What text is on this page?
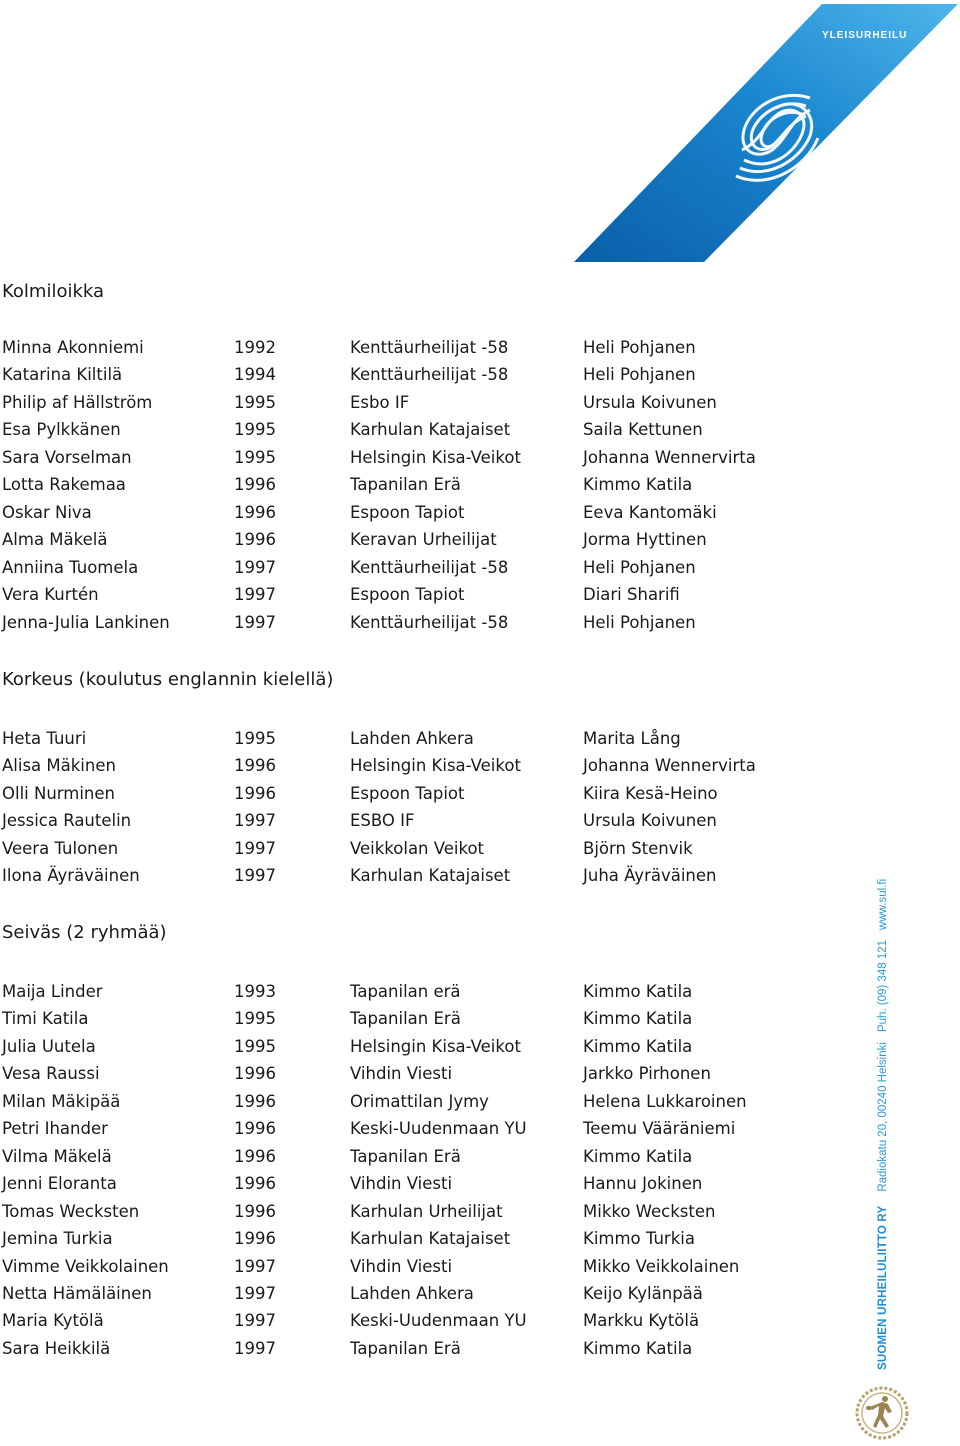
YLEISURHEILU
Kolmiloikka
Minna Akonniemi	1992	Kenttäurheilijat -58	Heli Pohjanen
Katarina Kiltilä	1994	Kenttäurheilijat -58	Heli Pohjanen
Philip af Hällström	1995	Esbo IF	Ursula Koivunen
Esa Pylkkänen	1995	Karhulan Katajaiset	Saila Kettunen
Sara Vorselman	1995	Helsingin Kisa-Veikot	Johanna Wennervirta
Lotta Rakemaa	1996	Tapanilan Erä	Kimmo Katila
Oskar Niva	1996	Espoon Tapiot	Eeva Kantomäki
Alma Mäkelä	1996	Keravan Urheilijat	Jorma Hyttinen
Anniina Tuomela	1997	Kenttäurheilijat -58	Heli Pohjanen
Vera Kurtén	1997	Espoon Tapiot	Diari Sharifi
Jenna-Julia Lankinen	1997	Kenttäurheilijat -58	Heli Pohjanen
Korkeus (koulutus englannin kielellä)
Heta Tuuri	1995	Lahden Ahkera	Marita Lång
Alisa Mäkinen	1996	Helsingin Kisa-Veikot	Johanna Wennervirta
Olli Nurminen	1996	Espoon Tapiot	Kiira Kesä-Heino
Jessica Rautelin	1997	ESBO IF	Ursula Koivunen
Veera Tulonen	1997	Veikkolan Veikot	Björn Stenvik
Ilona Äyräväinen	1997	Karhulan Katajaiset	Juha Äyräväinen
Seiväs (2 ryhmää)
Maija Linder	1993	Tapanilan erä	Kimmo Katila
Timi Katila	1995	Tapanilan Erä	Kimmo Katila
Julia Uutela	1995	Helsingin Kisa-Veikot	Kimmo Katila
Vesa Raussi	1996	Vihdin Viesti	Jarkko Pirhonen
Milan Mäkipää	1996	Orimattilan Jymy	Helena Lukkaroinen
Petri Ihander	1996	Keski-Uudenmaan YU	Teemu Vääräniemi
Vilma Mäkelä	1996	Tapanilan Erä	Kimmo Katila
Jenni Eloranta	1996	Vihdin Viesti	Hannu Jokinen
Tomas Wecksten	1996	Karhulan Urheilijat	Mikko Wecksten
Jemina Turkia	1996	Karhulan Katajaiset	Kimmo Turkia
Vimme Veikkolainen	1997	Vihdin Viesti	Mikko Veikkolainen
Netta Hämäläinen	1997	Lahden Ahkera	Keijo Kylänpää
Maria Kytölä	1997	Keski-Uudenmaan YU	Markku Kytölä
Sara Heikkilä	1997	Tapanilan Erä	Kimmo Katila	SUOMEN URHEILULIITTO RYRadiokatu 20, 00240 HelsinkiPuh. (09) 348 121www.sul.fi
